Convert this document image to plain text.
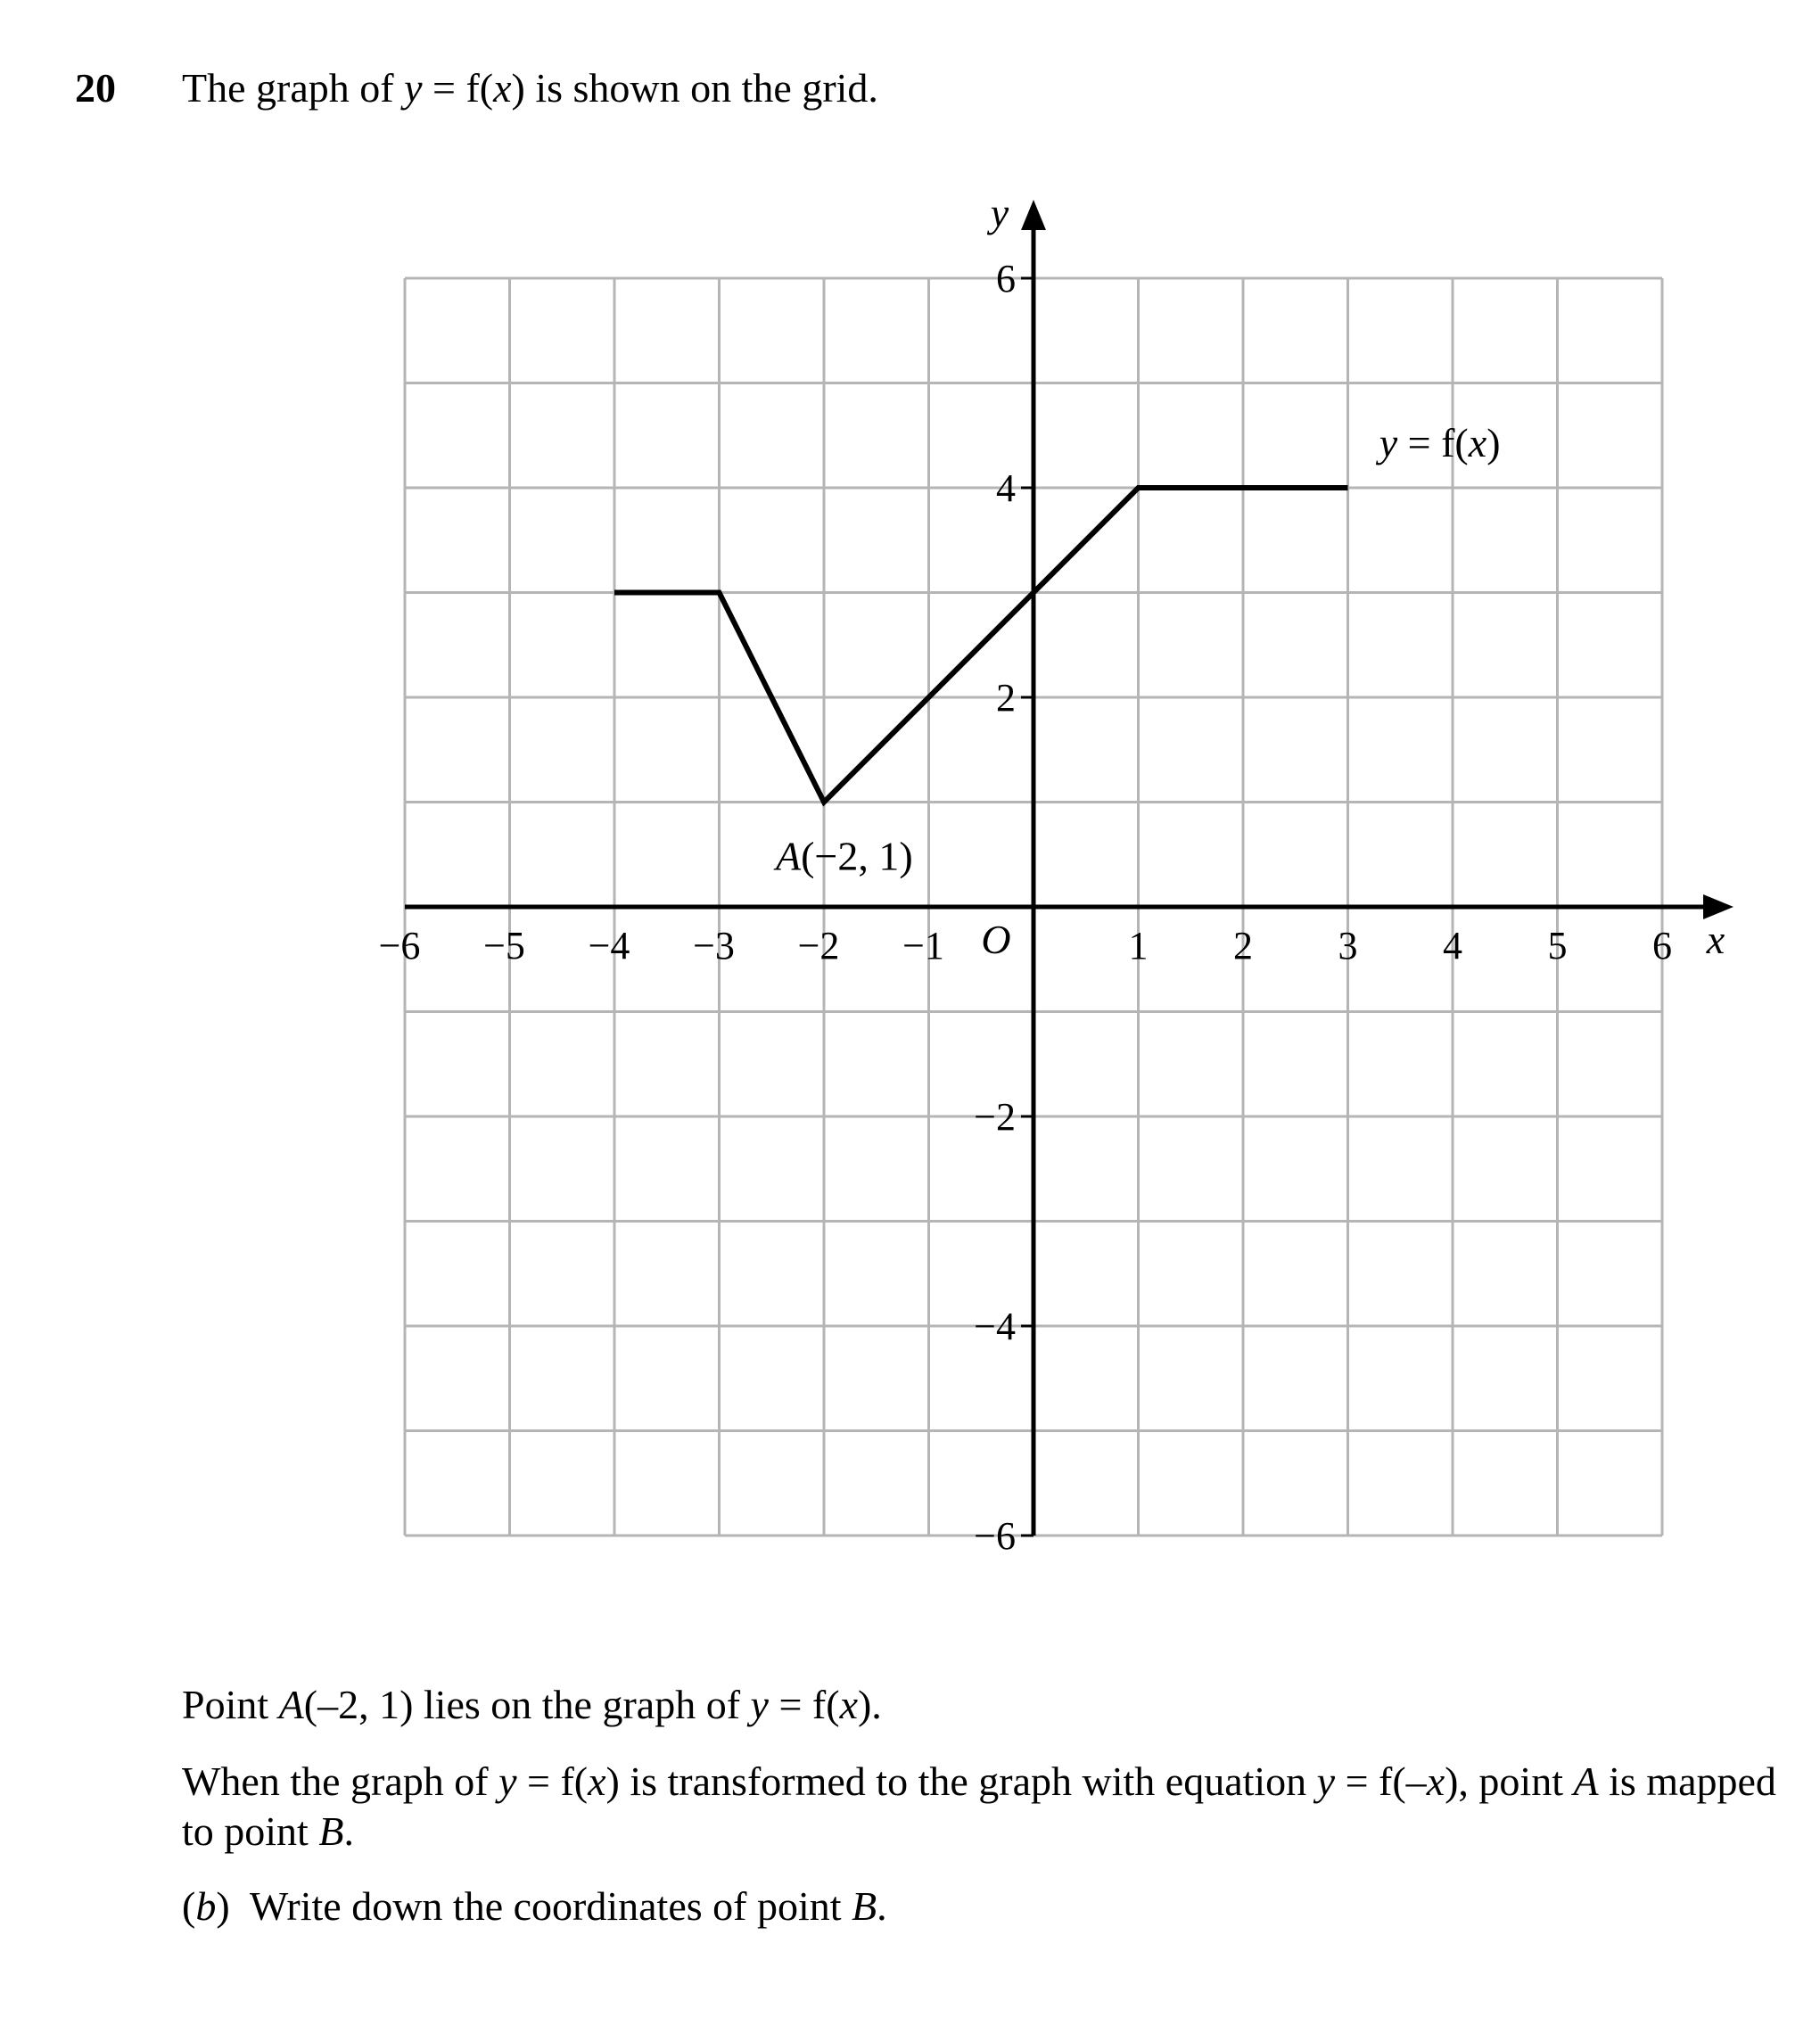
20 The graph of y = f(x) is shown on the grid.
−6 −5 −4 −3 −2 −1	1 2 3 4 5 6
−6
−4
−2
2
4
6
O	x
y
y = f(x)
A(−2, 1)
Point A(–2, 1) lies on the graph of y = f(x).
When the graph of y = f(x) is transformed to the graph with equation y = f(–x), point A is mapped to point B.
(b)  Write down the coordinates of point B.
